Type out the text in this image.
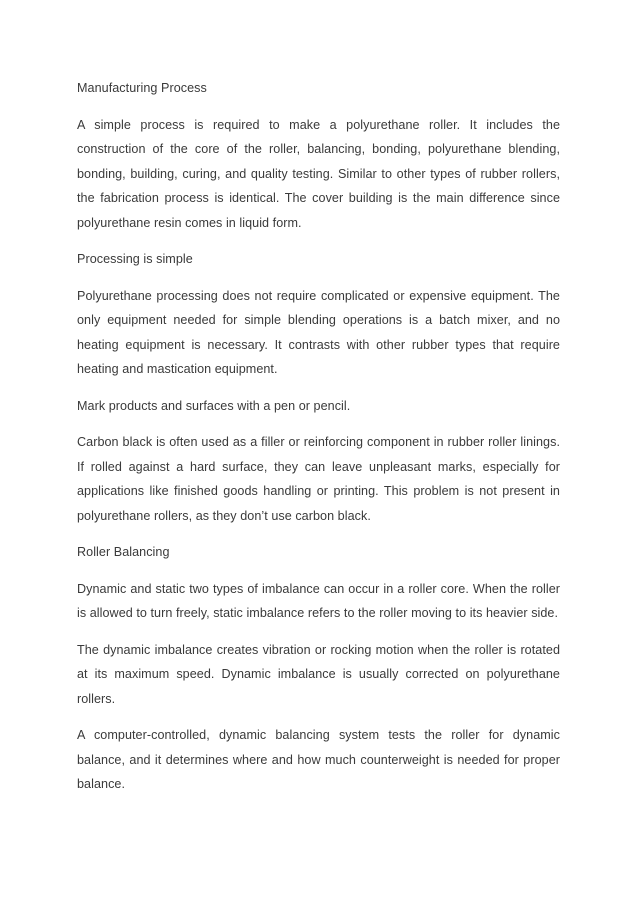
Manufacturing Process

A simple process is required to make a polyurethane roller. It includes the construction of the core of the roller, balancing, bonding, polyurethane blending, bonding, building, curing, and quality testing. Similar to other types of rubber rollers, the fabrication process is identical. The cover building is the main difference since polyurethane resin comes in liquid form.

Processing is simple

Polyurethane processing does not require complicated or expensive equipment. The only equipment needed for simple blending operations is a batch mixer, and no heating equipment is necessary. It contrasts with other rubber types that require heating and mastication equipment.

Mark products and surfaces with a pen or pencil.

Carbon black is often used as a filler or reinforcing component in rubber roller linings. If rolled against a hard surface, they can leave unpleasant marks, especially for applications like finished goods handling or printing. This problem is not present in polyurethane rollers, as they don’t use carbon black.

Roller Balancing

Dynamic and static two types of imbalance can occur in a roller core. When the roller is allowed to turn freely, static imbalance refers to the roller moving to its heavier side.

The dynamic imbalance creates vibration or rocking motion when the roller is rotated at its maximum speed. Dynamic imbalance is usually corrected on polyurethane rollers.

A computer-controlled, dynamic balancing system tests the roller for dynamic balance, and it determines where and how much counterweight is needed for proper balance.
